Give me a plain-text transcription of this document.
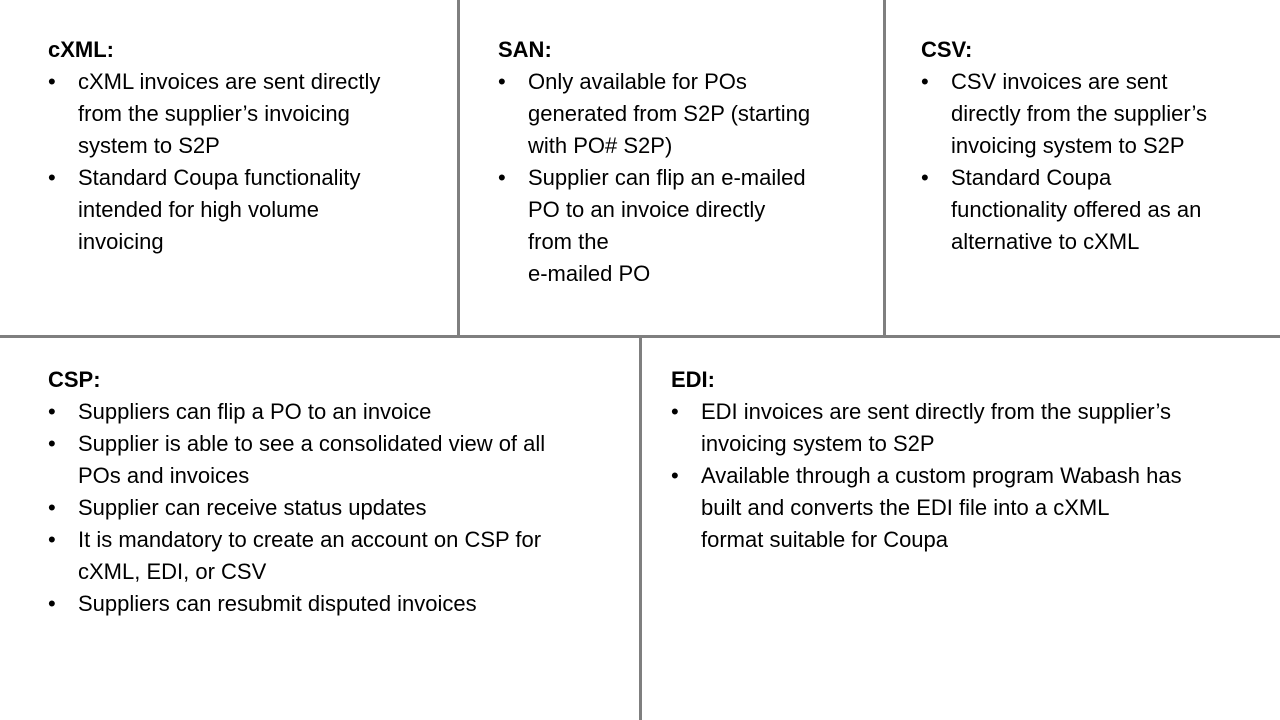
cXML:
•	cXML invoices are sent directly
from the supplier’s invoicing
system to S2P
•	Standard Coupa functionality
intended for high volume
invoicing
SAN:
•	Only available for POs
generated from S2P (starting
with PO# S2P)
•	Supplier can flip an e-mailed
PO to an invoice directly
from the
e-mailed PO
CSV:
•	CSV invoices are sent
directly from the supplier’s
invoicing system to S2P
•	Standard Coupa
functionality offered as an
alternative to cXML
CSP:
•	Suppliers can flip a PO to an invoice
•	Supplier is able to see a consolidated view of all
POs and invoices
•	Supplier can receive status updates
•	It is mandatory to create an account on CSP for
cXML, EDI, or CSV
•	Suppliers can resubmit disputed invoices
EDI:
•	EDI invoices are sent directly from the supplier’s
invoicing system to S2P
•	Available through a custom program Wabash has
built and converts the EDI file into a cXML
format suitable for Coupa
